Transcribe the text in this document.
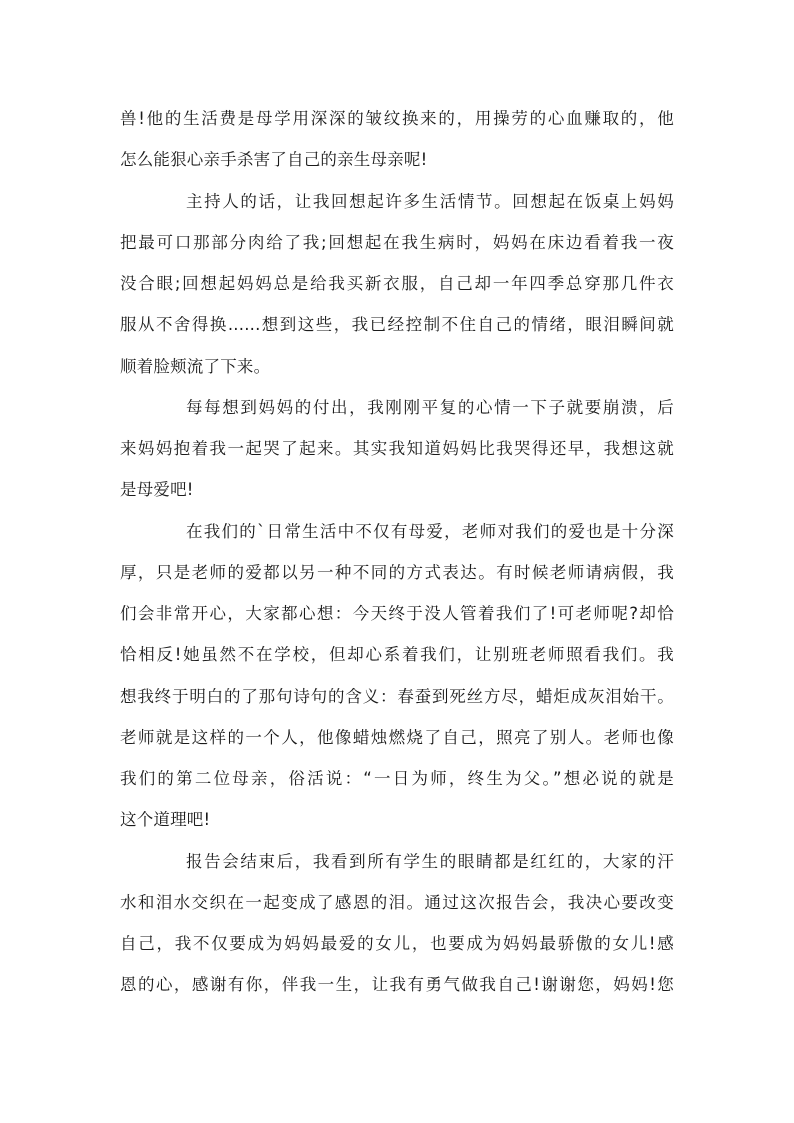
兽!他的生活费是母学用深深的皱纹换来的，用操劳的心血赚取的，他
怎么能狠心亲手杀害了自己的亲生母亲呢!
主持人的话，让我回想起许多生活情节。回想起在饭桌上妈妈
把最可口那部分肉给了我;回想起在我生病时，妈妈在床边看着我一夜
没合眼;回想起妈妈总是给我买新衣服，自己却一年四季总穿那几件衣
服从不舍得换......想到这些，我已经控制不住自己的情绪，眼泪瞬间就
顺着脸颊流了下来。
每每想到妈妈的付出，我刚刚平复的心情一下子就要崩溃，后
来妈妈抱着我一起哭了起来。其实我知道妈妈比我哭得还早，我想这就
是母爱吧!
在我们的`日常生活中不仅有母爱，老师对我们的爱也是十分深
厚，只是老师的爱都以另一种不同的方式表达。有时候老师请病假，我
们会非常开心，大家都心想：今天终于没人管着我们了!可老师呢?却恰
恰相反!她虽然不在学校，但却心系着我们，让别班老师照看我们。我
想我终于明白的了那句诗句的含义：春蚕到死丝方尽，蜡炬成灰泪始干。
老师就是这样的一个人，他像蜡烛燃烧了自己，照亮了别人。老师也像
我们的第二位母亲，俗活说：“一日为师，终生为父。”想必说的就是
这个道理吧!
报告会结束后，我看到所有学生的眼睛都是红红的，大家的汗
水和泪水交织在一起变成了感恩的泪。通过这次报告会，我决心要改变
自己，我不仅要成为妈妈最爱的女儿，也要成为妈妈最骄傲的女儿!感
恩的心，感谢有你，伴我一生，让我有勇气做我自己!谢谢您，妈妈!您
